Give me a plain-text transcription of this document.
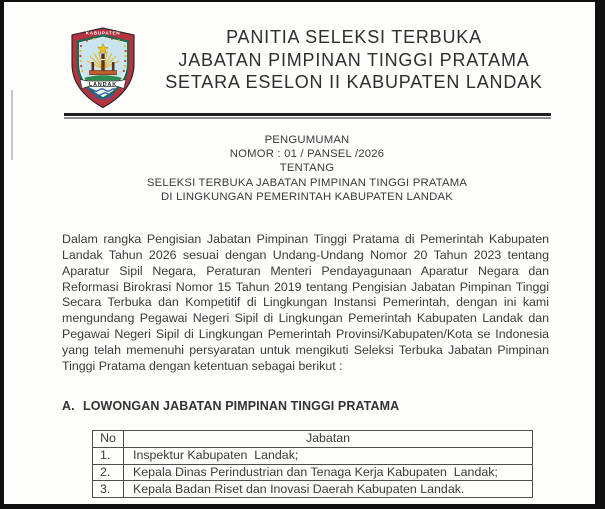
LANDAK
KABUPATEN	PANITIA SELEKSI TERBUKA
JABATAN PIMPINAN TINGGI PRATAMA
SETARA ESELON II KABUPATEN LANDAK
PENGUMUMAN
NOMOR : 01 / PANSEL /2026
TENTANG
SELEKSI TERBUKA JABATAN PIMPINAN TINGGI PRATAMA
DI LINGKUNGAN PEMERINTAH KABUPATEN LANDAK

Dalam rangka Pengisian Jabatan Pimpinan Tinggi Pratama di Pemerintah Kabupaten Landak Tahun 2026 sesuai dengan Undang-Undang Nomor 20 Tahun 2023 tentang Aparatur Sipil Negara, Peraturan Menteri Pendayagunaan Aparatur Negara dan Reformasi Birokrasi Nomor 15 Tahun 2019 tentang Pengisian Jabatan Pimpinan Tinggi Secara Terbuka dan Kompetitif di Lingkungan Instansi Pemerintah, dengan ini kami mengundang Pegawai Negeri Sipil di Lingkungan Pemerintah Kabupaten Landak dan Pegawai Negeri Sipil di Lingkungan Pemerintah Provinsi/Kabupaten/Kota se Indonesia yang telah memenuhi persyaratan untuk mengikuti Seleksi Terbuka Jabatan Pimpinan Tinggi Pratama dengan ketentuan sebagai berikut :

A. LOWONGAN JABATAN PIMPINAN TINGGI PRATAMA
No	Jabatan
1.	Inspektur Kabupaten  Landak;
2.	Kepala Dinas Perindustrian dan Tenaga Kerja Kabupaten  Landak;
3.	Kepala Badan Riset dan Inovasi Daerah Kabupaten Landak.
